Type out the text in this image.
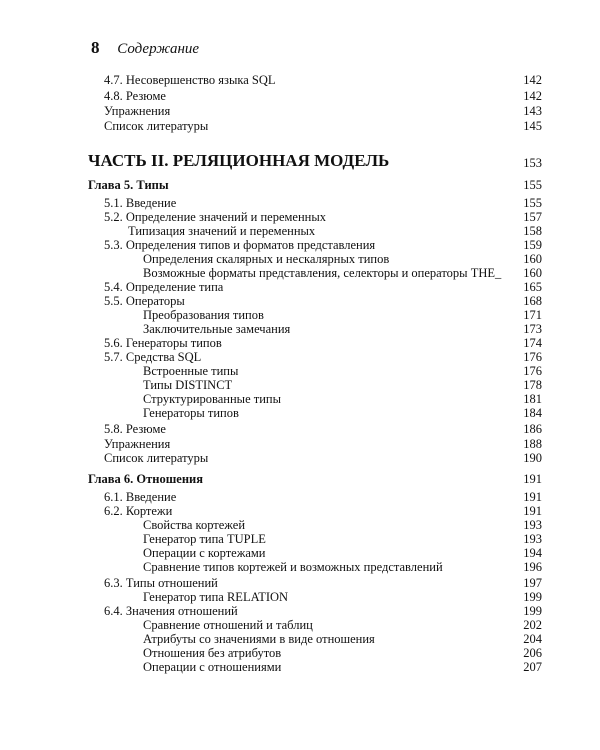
8 Содержание
4.7. Несовершенство языка SQL	142
4.8. Резюме	142
Упражнения	143
Список литературы	145
ЧАСТЬ II. РЕЛЯЦИОННАЯ МОДЕЛЬ	153
Глава 5. Типы	155
5.1. Введение	155
5.2. Определение значений и переменных	157
Типизация значений и переменных	158
5.3. Определения типов и форматов представления	159
Определения скалярных и нескалярных типов	160
Возможные форматы представления, селекторы и операторы THE_ 160
5.4. Определение типа	165
5.5. Операторы	168
Преобразования типов	171
Заключительные замечания	173
5.6. Генераторы типов	174
5.7. Средства SQL	176
Встроенные типы	176
Типы DISTINCT	178
Структурированные типы	181
Генераторы типов	184
5.8. Резюме	186
Упражнения	188
Список литературы	190
Глава 6. Отношения	191
6.1. Введение	191
6.2. Кортежи	191
Свойства кортежей	193
Генератор типа TUPLE	193
Операции с кортежами	194
Сравнение типов кортежей и возможных представлений	196
6.3. Типы отношений	197
Генератор типа RELATION	199
6.4. Значения отношений	199
Сравнение отношений и таблиц	202
Атрибуты со значениями в виде отношения	204
Отношения без атрибутов	206
Операции с отношениями	207
